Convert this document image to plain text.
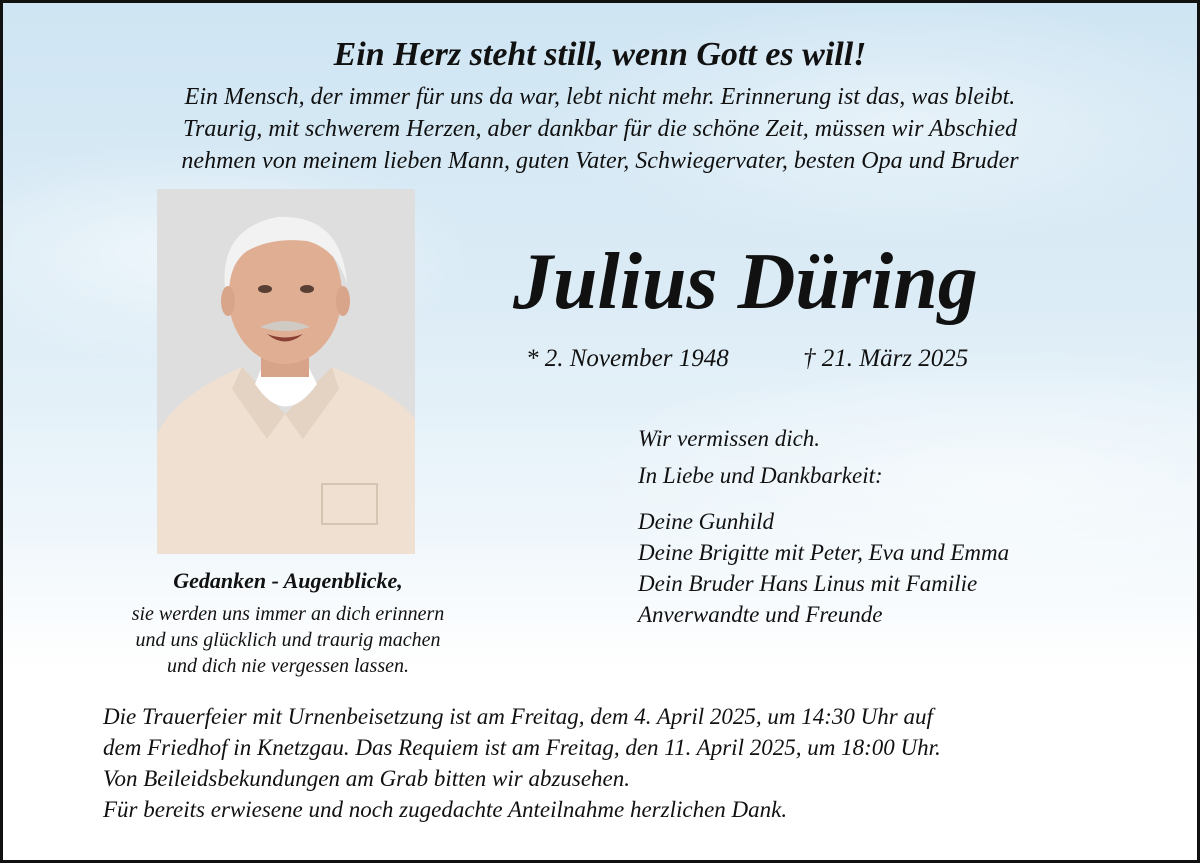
Ein Herz steht still, wenn Gott es will!
Ein Mensch, der immer für uns da war, lebt nicht mehr. Erinnerung ist das, was bleibt.
Traurig, mit schwerem Herzen, aber dankbar für die schöne Zeit, müssen wir Abschied
nehmen von meinem lieben Mann, guten Vater, Schwiegervater, besten Opa und Bruder
Julius Düring
* 2. November 1948	† 21. März 2025
Wir vermissen dich.
In Liebe und Dankbarkeit:
Deine Gunhild
Deine Brigitte mit Peter, Eva und Emma
Dein Bruder Hans Linus mit Familie
Anverwandte und Freunde
Gedanken - Augenblicke,
sie werden uns immer an dich erinnern
und uns glücklich und traurig machen
und dich nie vergessen lassen.
Die Trauerfeier mit Urnenbeisetzung ist am Freitag, dem 4. April 2025, um 14:30 Uhr auf
dem Friedhof in Knetzgau. Das Requiem ist am Freitag, den 11. April 2025, um 18:00 Uhr.
Von Beileidsbekundungen am Grab bitten wir abzusehen.
Für bereits erwiesene und noch zugedachte Anteilnahme herzlichen Dank.
